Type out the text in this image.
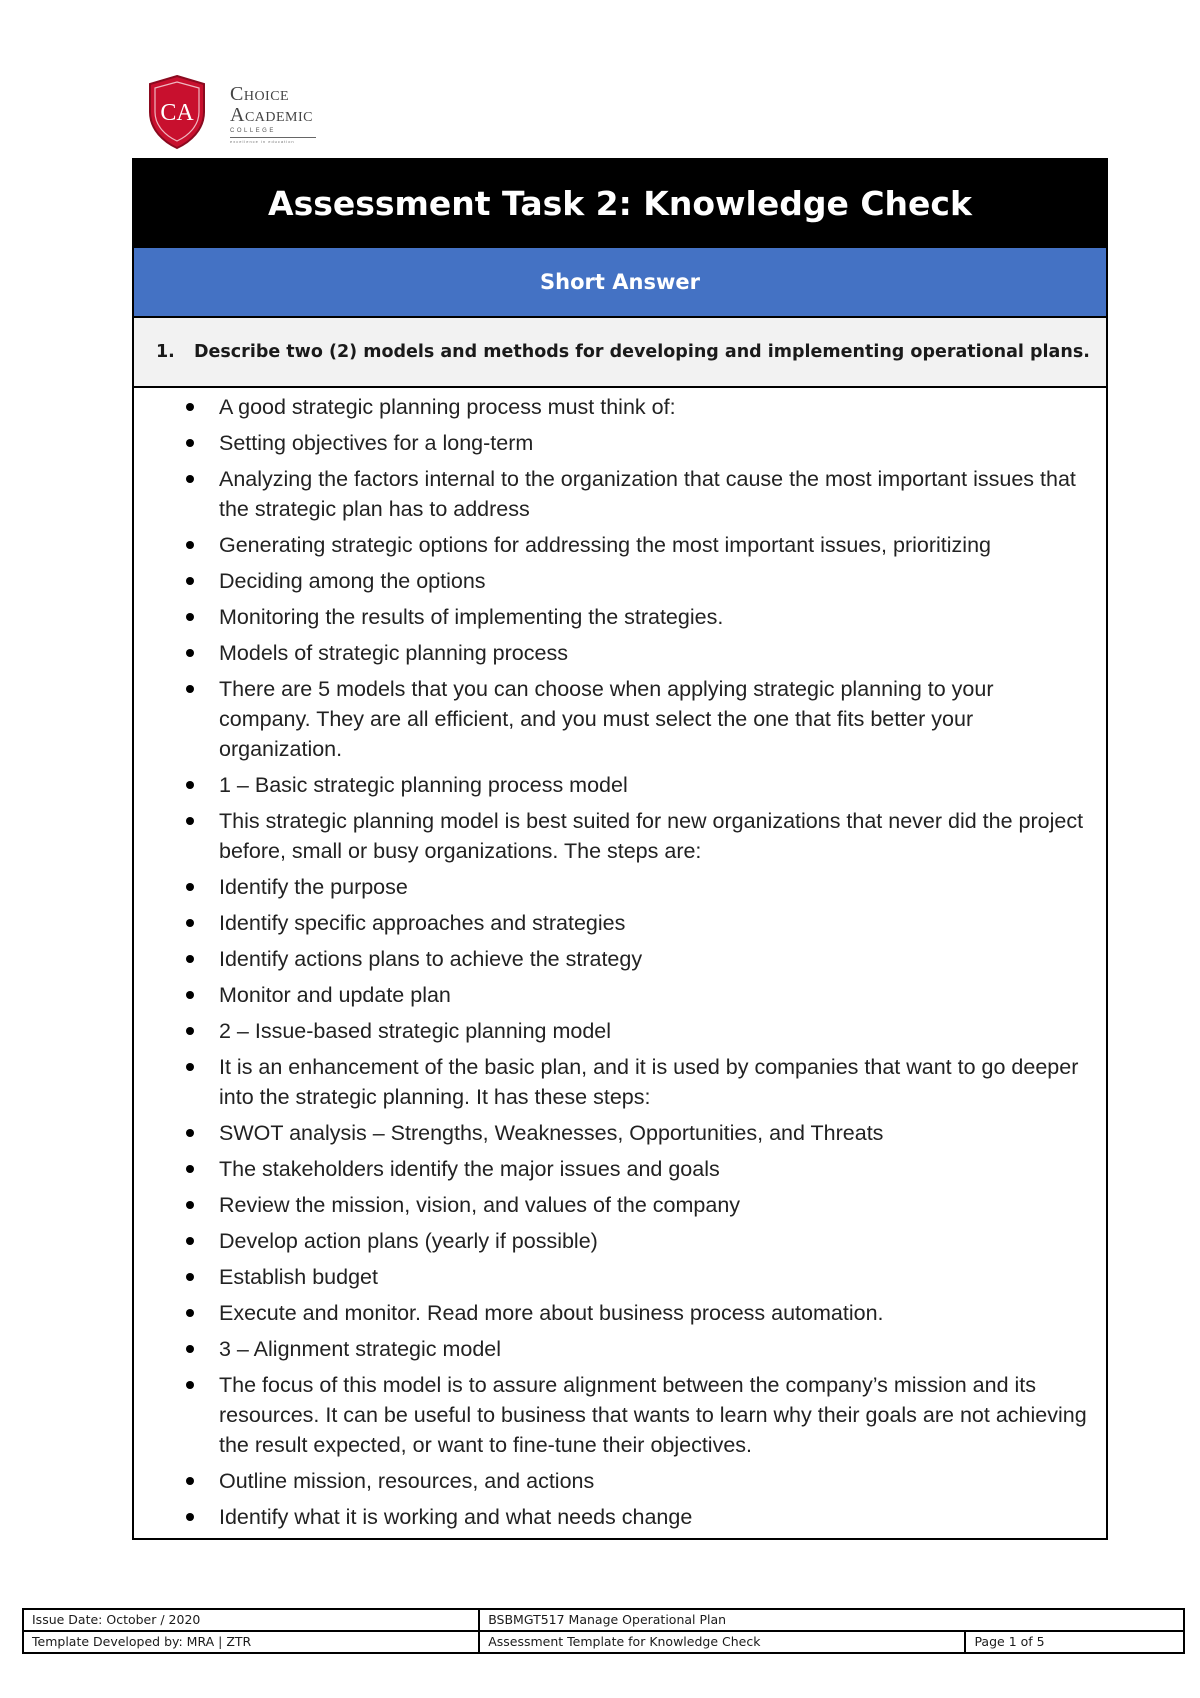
CA
Choice
Academic
COLLEGE
excellence in education
Assessment Task 2: Knowledge Check
Short Answer
1.	Describe two (2) models and methods for developing and implementing operational plans.
A good strategic planning process must think of:
Setting objectives for a long-term
Analyzing the factors internal to the organization that cause the most important issues that the strategic plan has to address
Generating strategic options for addressing the most important issues, prioritizing
Deciding among the options
Monitoring the results of implementing the strategies.
Models of strategic planning process
There are 5 models that you can choose when applying strategic planning to your company. They are all efficient, and you must select the one that fits better your organization.
1 – Basic strategic planning process model
This strategic planning model is best suited for new organizations that never did the project before, small or busy organizations. The steps are:
Identify the purpose
Identify specific approaches and strategies
Identify actions plans to achieve the strategy
Monitor and update plan
2 – Issue-based strategic planning model
It is an enhancement of the basic plan, and it is used by companies that want to go deeper into the strategic planning. It has these steps:
SWOT analysis – Strengths, Weaknesses, Opportunities, and Threats
The stakeholders identify the major issues and goals
Review the mission, vision, and values of the company
Develop action plans (yearly if possible)
Establish budget
Execute and monitor. Read more about business process automation.
3 – Alignment strategic model
The focus of this model is to assure alignment between the company’s mission and its resources. It can be useful to business that wants to learn why their goals are not achieving the result expected, or want to fine-tune their objectives.
Outline mission, resources, and actions
Identify what it is working and what needs change
Issue Date: October / 2020	BSBMGT517 Manage Operational Plan	
Template Developed by: MRA | ZTR	Assessment Template for Knowledge Check	Page 1 of 5
